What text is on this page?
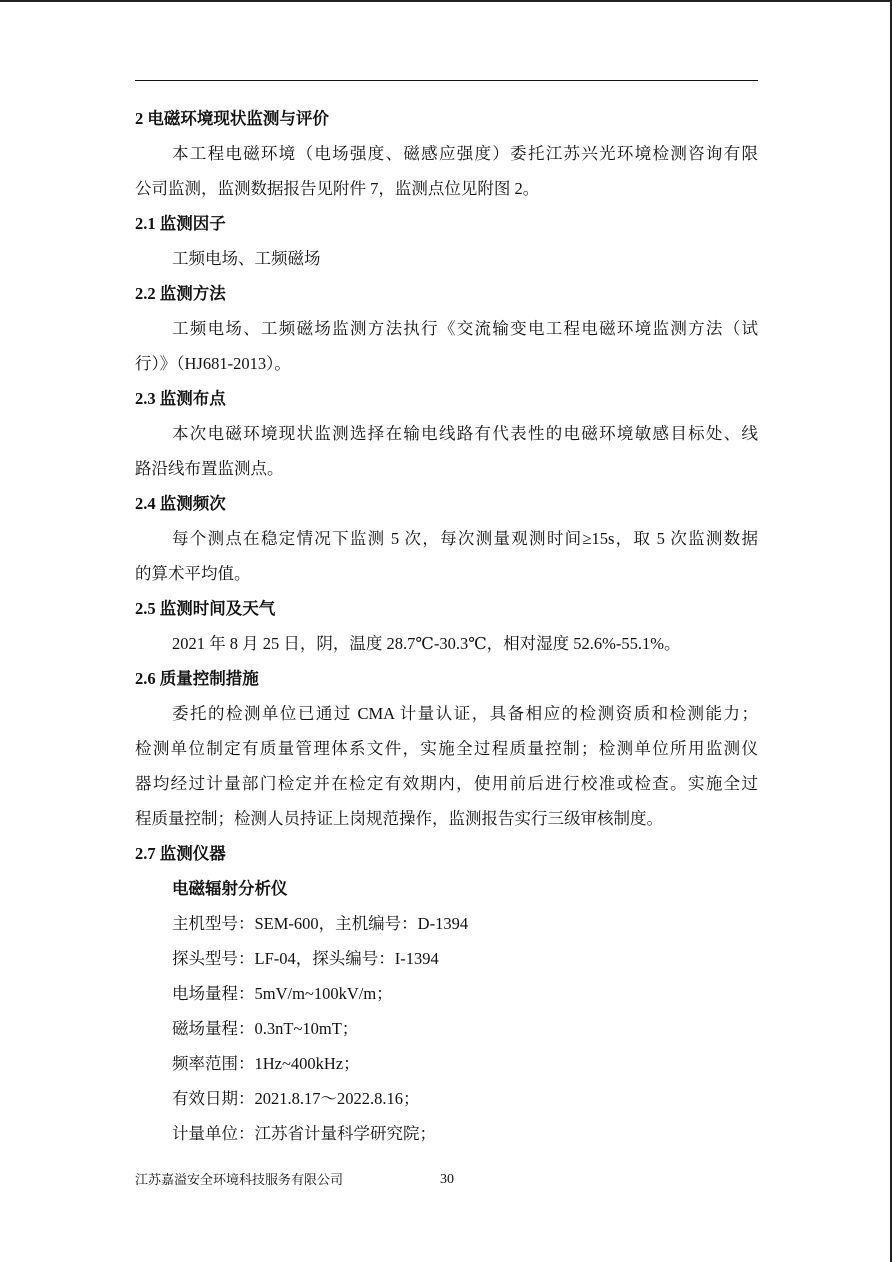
2 电磁环境现状监测与评价
本工程电磁环境（电场强度、磁感应强度）委托江苏兴光环境检测咨询有限
公司监测，监测数据报告见附件 7，监测点位见附图 2。
2.1 监测因子
工频电场、工频磁场
2.2 监测方法
工频电场、工频磁场监测方法执行《交流输变电工程电磁环境监测方法（试
行）》（HJ681-2013）。
2.3 监测布点
本次电磁环境现状监测选择在输电线路有代表性的电磁环境敏感目标处、线
路沿线布置监测点。
2.4 监测频次
每个测点在稳定情况下监测 5 次，每次测量观测时间≥15s，取 5 次监测数据
的算术平均值。
2.5 监测时间及天气
2021 年 8 月 25 日，阴，温度 28.7℃-30.3℃，相对湿度 52.6%-55.1%。
2.6 质量控制措施
委托的检测单位已通过 CMA 计量认证，具备相应的检测资质和检测能力；
检测单位制定有质量管理体系文件，实施全过程质量控制；检测单位所用监测仪
器均经过计量部门检定并在检定有效期内，使用前后进行校准或检查。实施全过
程质量控制；检测人员持证上岗规范操作，监测报告实行三级审核制度。
2.7 监测仪器
电磁辐射分析仪
主机型号：SEM-600，主机编号：D-1394
探头型号：LF-04，探头编号：I-1394
电场量程：5mV/m~100kV/m；
磁场量程：0.3nT~10mT；
频率范围：1Hz~400kHz；
有效日期：2021.8.17～2022.8.16；
计量单位：江苏省计量科学研究院；
江苏嘉溢安全环境科技服务有限公司	30
